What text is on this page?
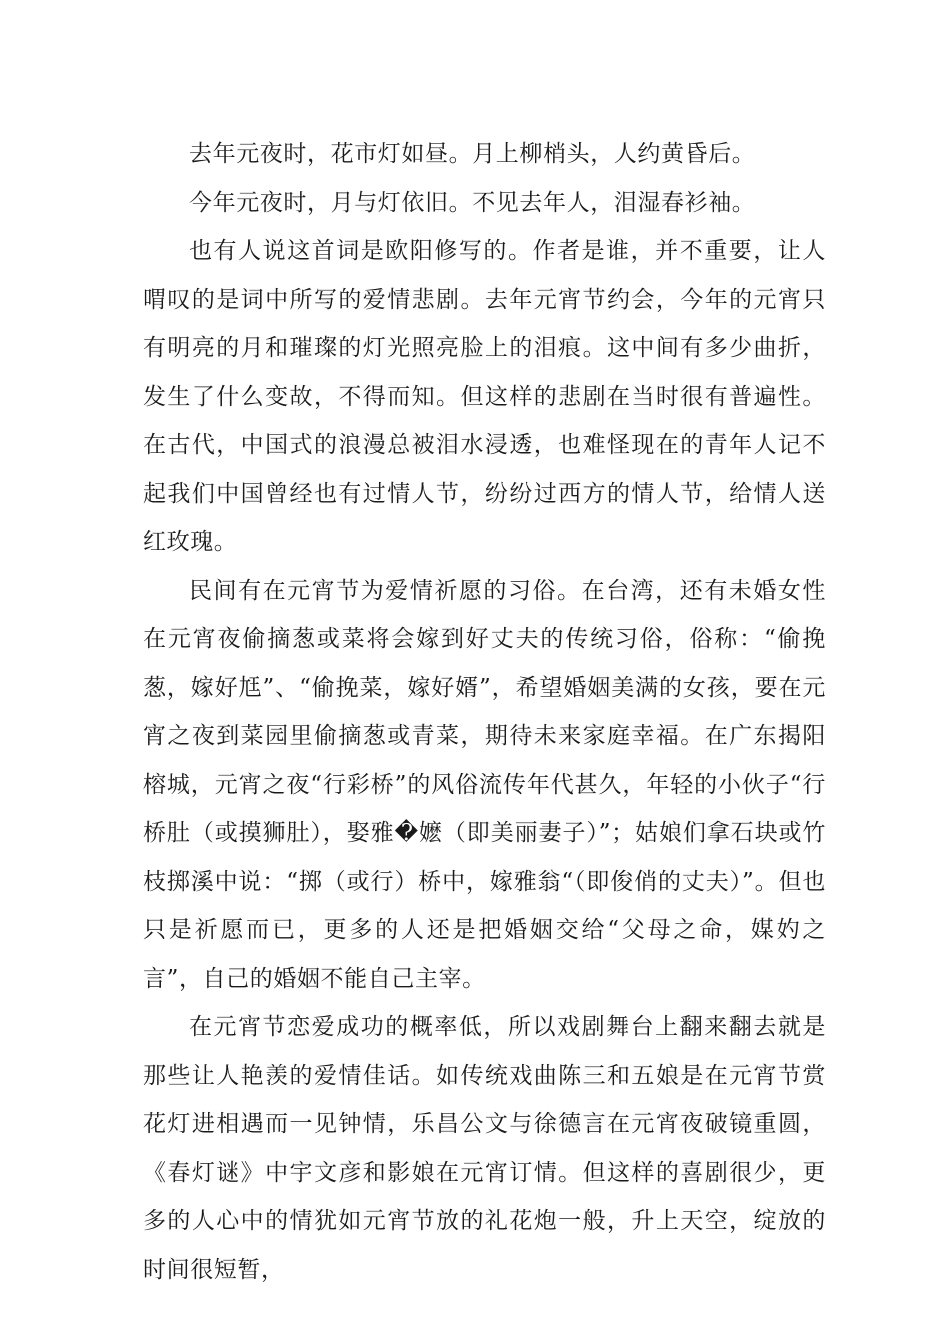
去年元夜时，花市灯如昼。月上柳梢头，人约黄昏后。

今年元夜时，月与灯依旧。不见去年人，泪湿春衫袖。

也有人说这首词是欧阳修写的。作者是谁，并不重要，让人喟叹的是词中所写的爱情悲剧。去年元宵节约会，今年的元宵只有明亮的月和璀璨的灯光照亮脸上的泪痕。这中间有多少曲折，发生了什么变故，不得而知。但这样的悲剧在当时很有普遍性。在古代，中国式的浪漫总被泪水浸透，也难怪现在的青年人记不起我们中国曾经也有过情人节，纷纷过西方的情人节，给情人送红玫瑰。

民间有在元宵节为爱情祈愿的习俗。在台湾，还有未婚女性在元宵夜偷摘葱或菜将会嫁到好丈夫的传统习俗，俗称：“偷挽葱，嫁好尪”、“偷挽菜，嫁好婿”，希望婚姻美满的女孩，要在元宵之夜到菜园里偷摘葱或青菜，期待未来家庭幸福。在广东揭阳榕城，元宵之夜“行彩桥”的风俗流传年代甚久，年轻的小伙子“行桥肚（或摸狮肚），娶雅�嬷（即美丽妻子）”；姑娘们拿石块或竹枝掷溪中说：“掷（或行）桥中，嫁雅翁“（即俊俏的丈夫）”。但也只是祈愿而已，更多的人还是把婚姻交给“父母之命，媒妁之言”，自己的婚姻不能自己主宰。

在元宵节恋爱成功的概率低，所以戏剧舞台上翻来翻去就是那些让人艳羡的爱情佳话。如传统戏曲陈三和五娘是在元宵节赏花灯进相遇而一见钟情，乐昌公文与徐德言在元宵夜破镜重圆，《春灯谜》中宇文彦和影娘在元宵订情。但这样的喜剧很少，更多的人心中的情犹如元宵节放的礼花炮一般，升上天空，绽放的时间很短暂，
